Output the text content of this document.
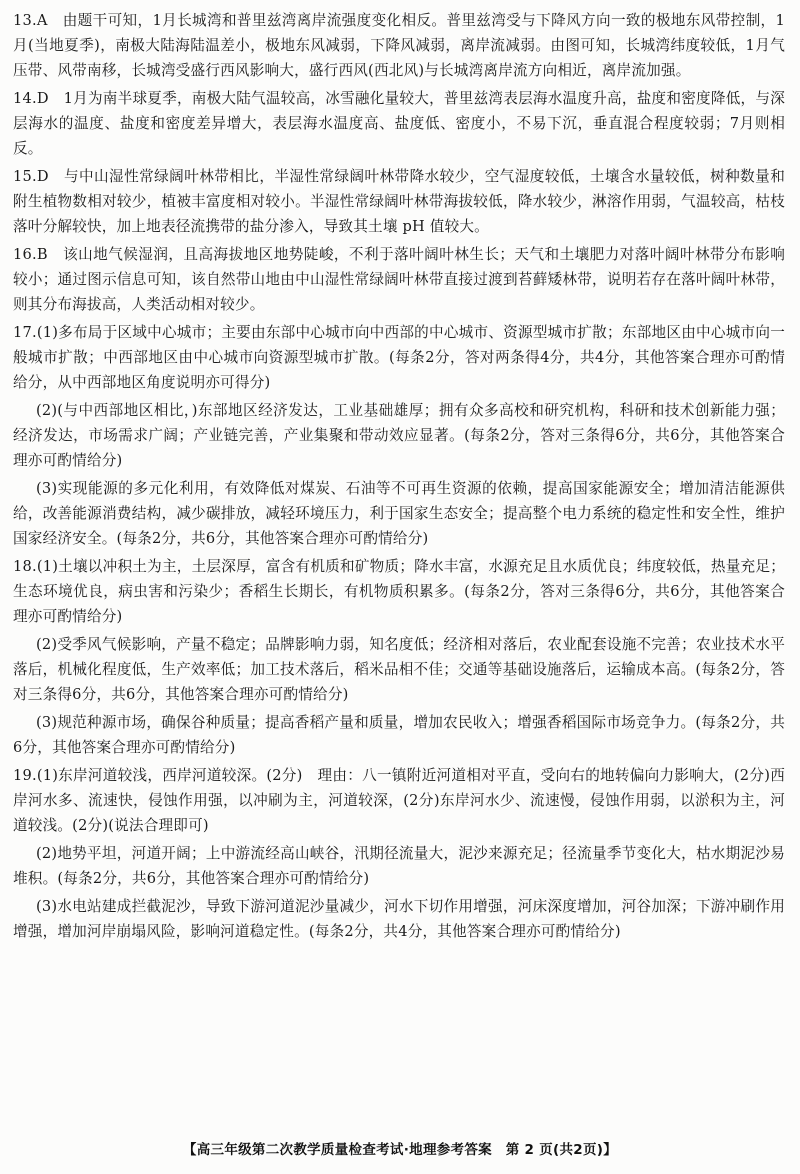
13.A　 由题干可知，1月长城湾和普里兹湾离岸流强度变化相反。普里兹湾受与下降风方向一致的极地东风带控制，1月(当地夏季)，南极大陆海陆温差小，极地东风减弱，下降风减弱，离岸流减弱。由图可知，长城湾纬度较低，1月气压带、风带南移，长城湾受盛行西风影响大，盛行西风(西北风)与长城湾离岸流方向相近，离岸流加强。

14.D　 1月为南半球夏季，南极大陆气温较高，冰雪融化量较大，普里兹湾表层海水温度升高，盐度和密度降低，与深层海水的温度、盐度和密度差异增大，表层海水温度高、盐度低、密度小，不易下沉，垂直混合程度较弱；7月则相反。

15.D　 与中山湿性常绿阔叶林带相比，半湿性常绿阔叶林带降水较少，空气湿度较低，土壤含水量较低，树种数量和附生植物数相对较少，植被丰富度相对较小。半湿性常绿阔叶林带海拔较低，降水较少，淋溶作用弱，气温较高，枯枝落叶分解较快，加上地表径流携带的盐分渗入，导致其土壤 pH 值较大。

16.B　 该山地气候湿润，且高海拔地区地势陡峻，不利于落叶阔叶林生长；天气和土壤肥力对落叶阔叶林带分布影响较小；通过图示信息可知，该自然带山地由中山湿性常绿阔叶林带直接过渡到苔藓矮林带，说明若存在落叶阔叶林带，则其分布海拔高，人类活动相对较少。

17.(1)多布局于区域中心城市；主要由东部中心城市向中西部的中心城市、资源型城市扩散；东部地区由中心城市向一般城市扩散；中西部地区由中心城市向资源型城市扩散。(每条2分，答对两条得4分，共4分，其他答案合理亦可酌情给分，从中西部地区角度说明亦可得分)

(2)(与中西部地区相比，)东部地区经济发达，工业基础雄厚；拥有众多高校和研究机构，科研和技术创新能力强；经济发达，市场需求广阔；产业链完善，产业集聚和带动效应显著。(每条2分，答对三条得6分，共6分，其他答案合理亦可酌情给分)

(3)实现能源的多元化利用，有效降低对煤炭、石油等不可再生资源的依赖，提高国家能源安全；增加清洁能源供给，改善能源消费结构，减少碳排放，减轻环境压力，利于国家生态安全；提高整个电力系统的稳定性和安全性，维护国家经济安全。(每条2分，共6分，其他答案合理亦可酌情给分)

18.(1)土壤以冲积土为主，土层深厚，富含有机质和矿物质；降水丰富，水源充足且水质优良；纬度较低，热量充足；生态环境优良，病虫害和污染少；香稻生长期长，有机物质积累多。(每条2分，答对三条得6分，共6分，其他答案合理亦可酌情给分)

(2)受季风气候影响，产量不稳定；品牌影响力弱，知名度低；经济相对落后，农业配套设施不完善；农业技术水平落后，机械化程度低，生产效率低；加工技术落后，稻米品相不佳；交通等基础设施落后，运输成本高。(每条2分，答对三条得6分，共6分，其他答案合理亦可酌情给分)

(3)规范种源市场，确保谷种质量；提高香稻产量和质量，增加农民收入；增强香稻国际市场竞争力。(每条2分，共6分，其他答案合理亦可酌情给分)

19.(1)东岸河道较浅，西岸河道较深。(2分)　理由：八一镇附近河道相对平直，受向右的地转偏向力影响大，(2分)西岸河水多、流速快，侵蚀作用强，以冲刷为主，河道较深，(2分)东岸河水少、流速慢，侵蚀作用弱，以淤积为主，河道较浅。(2分)(说法合理即可)

(2)地势平坦，河道开阔；上中游流经高山峡谷，汛期径流量大，泥沙来源充足；径流量季节变化大，枯水期泥沙易堆积。(每条2分，共6分，其他答案合理亦可酌情给分)

(3)水电站建成拦截泥沙，导致下游河道泥沙量减少，河水下切作用增强，河床深度增加，河谷加深；下游冲刷作用增强，增加河岸崩塌风险，影响河道稳定性。(每条2分，共4分，其他答案合理亦可酌情给分)

【高三年级第二次教学质量检查考试·地理参考答案　第 2 页(共2页)】
